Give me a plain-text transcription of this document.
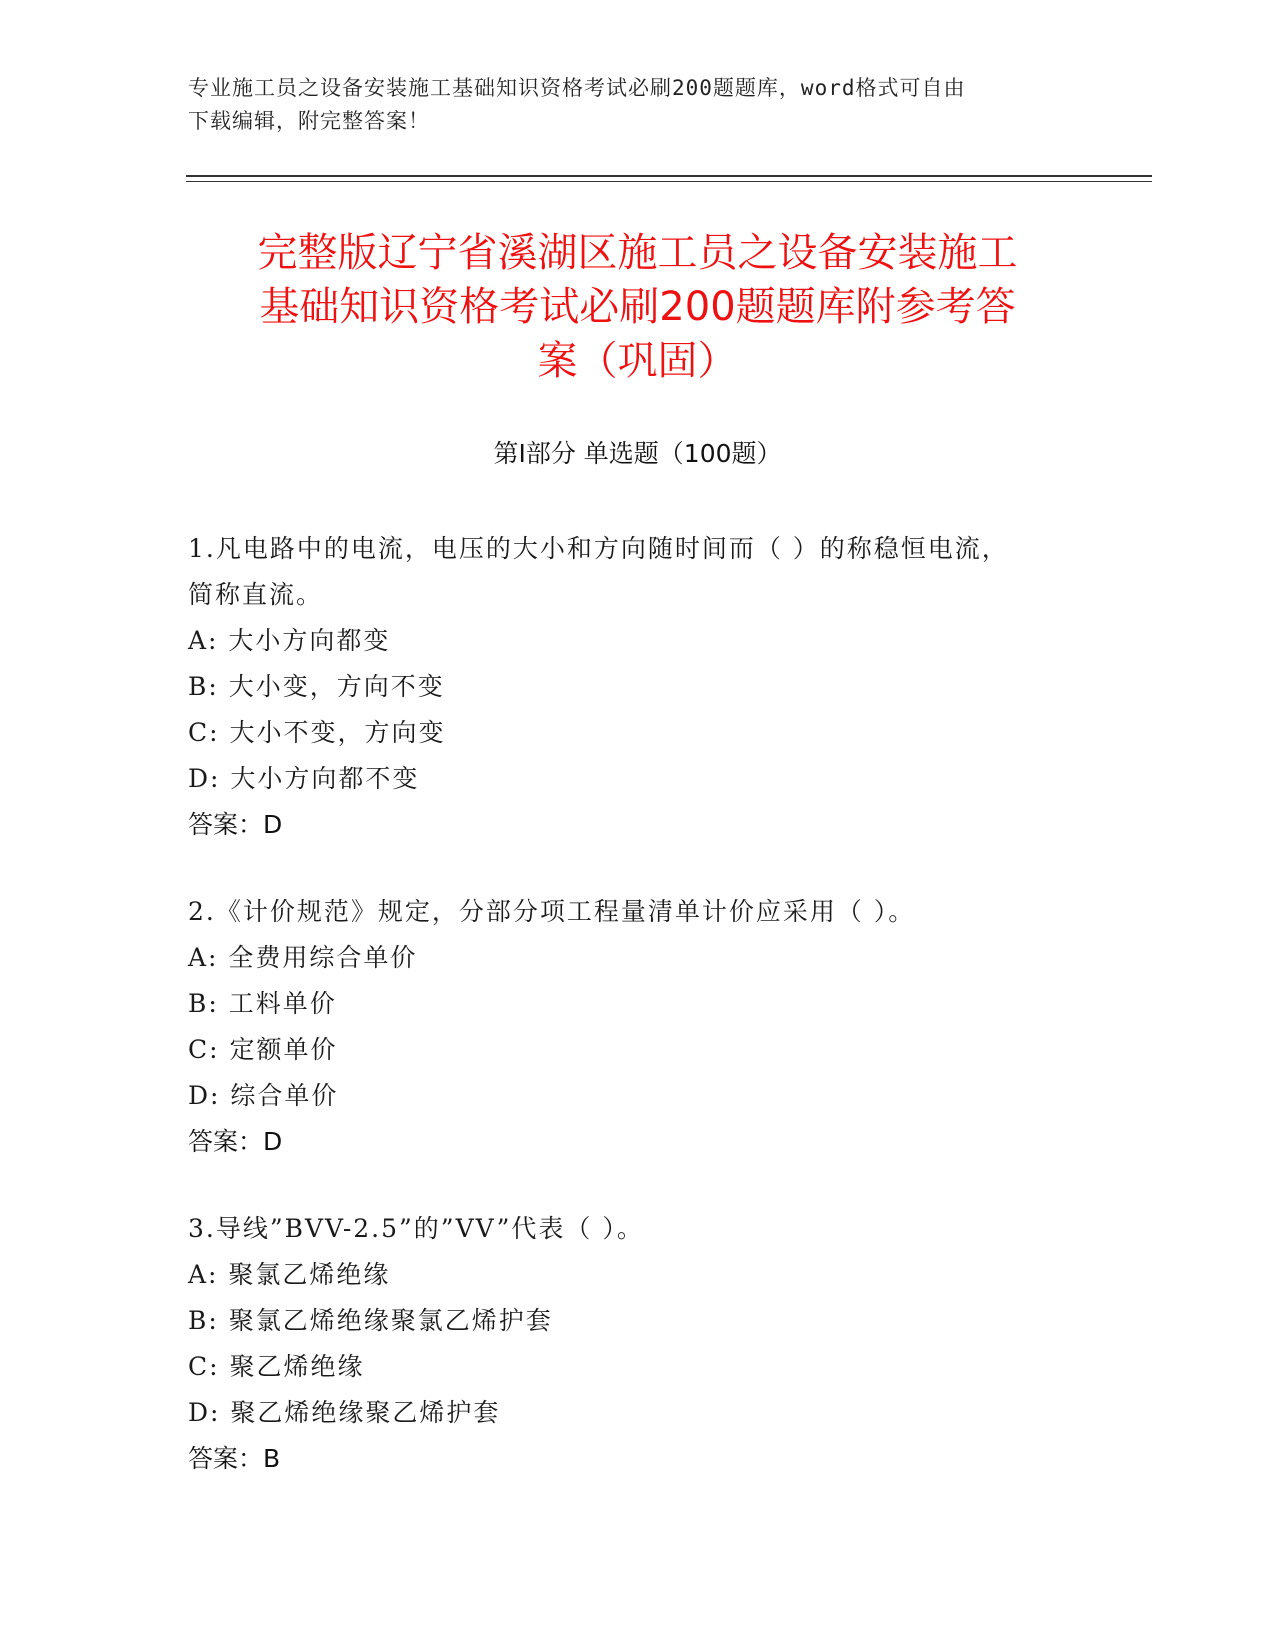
专业施工员之设备安装施工基础知识资格考试必刷200题题库，word格式可自由
下载编辑，附完整答案！
完整版辽宁省溪湖区施工员之设备安装施工
基础知识资格考试必刷200题题库附参考答
案（巩固）
第Ⅰ部分 单选题（100题）
1.凡电路中的电流，电压的大小和方向随时间而（ ）的称稳恒电流，
简称直流。
A: 大小方向都变
B: 大小变，方向不变
C: 大小不变，方向变
D: 大小方向都不变
答案：D
2.《计价规范》规定，分部分项工程量清单计价应采用（ ）。
A: 全费用综合单价
B: 工料单价
C: 定额单价
D: 综合单价
答案：D
3.导线”BVV-2.5”的”VV”代表（ ）。
A: 聚氯乙烯绝缘
B: 聚氯乙烯绝缘聚氯乙烯护套
C: 聚乙烯绝缘
D: 聚乙烯绝缘聚乙烯护套
答案：B
